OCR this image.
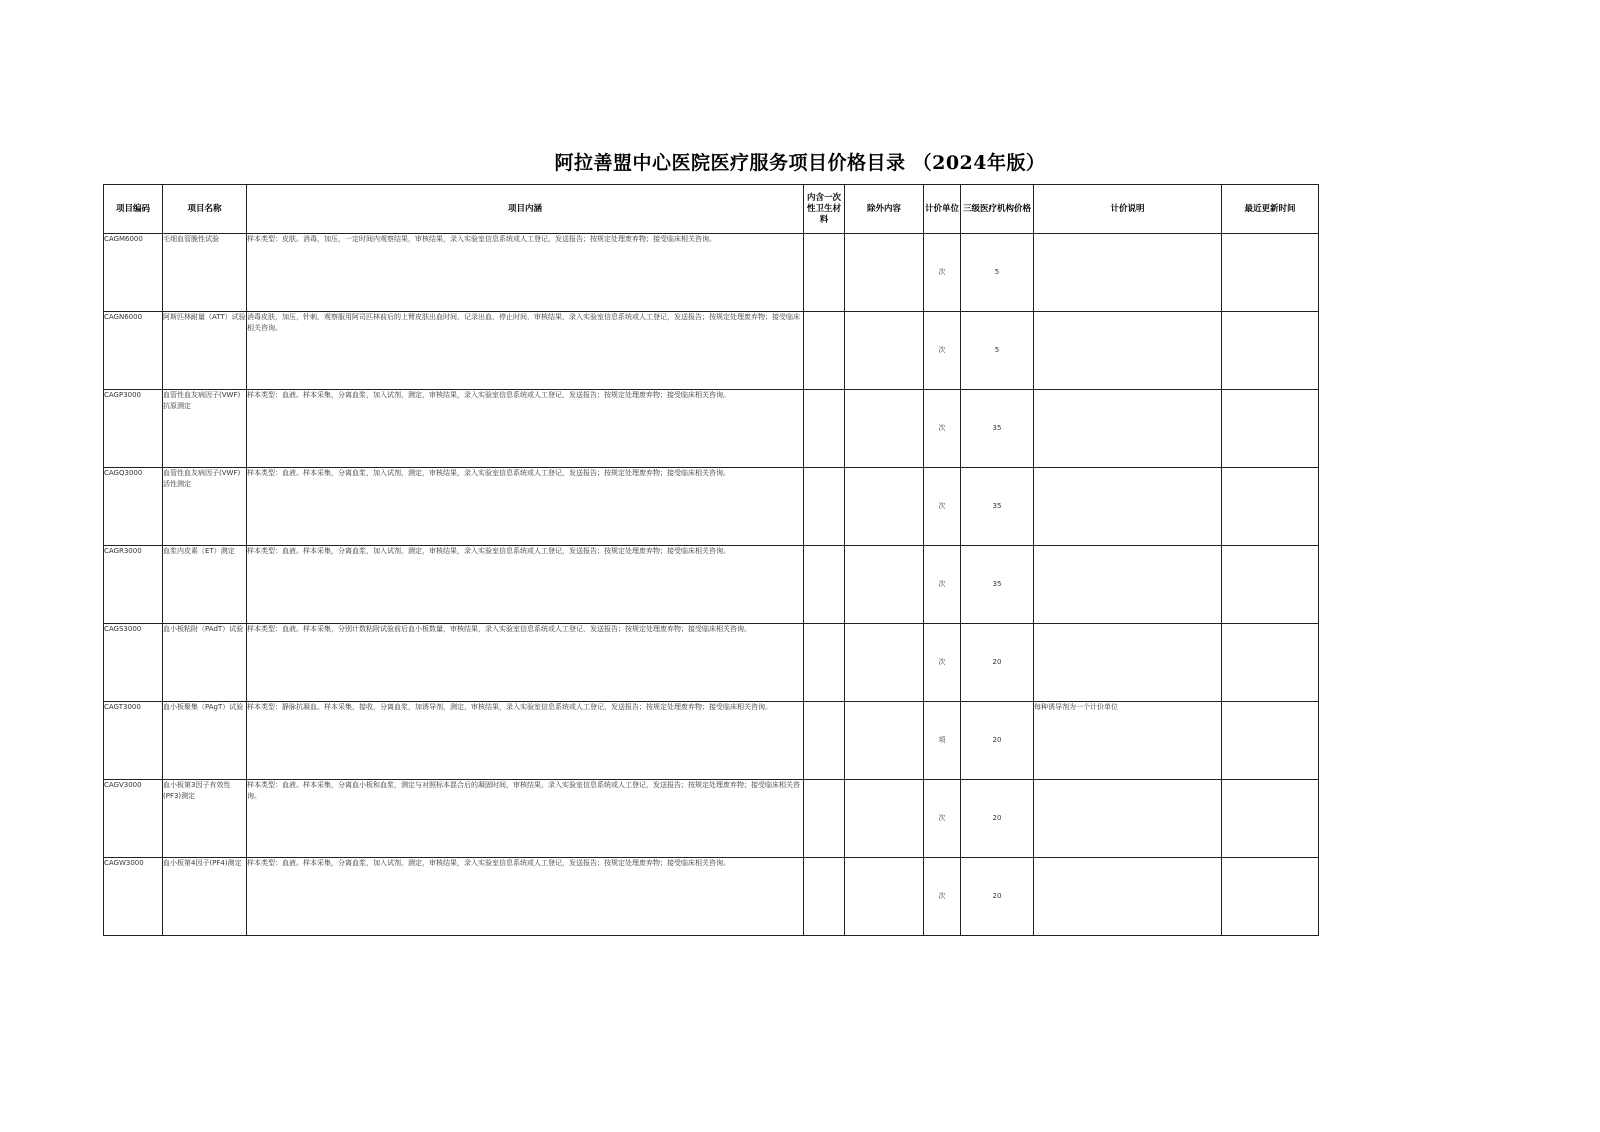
阿拉善盟中心医院医疗服务项目价格目录 （2024年版）
项目编码	项目名称	项目内涵	内含一次性卫生材料	除外内容	计价单位	三级医疗机构价格	计价说明	最近更新时间
CAGM6000	毛细血管脆性试验	样本类型：皮肤。消毒，加压，一定时间内观察结果，审核结果，录入实验室信息系统或人工登记，发送报告；按规定处理废弃物；接受临床相关咨询。			次	5		
CAGN6000	阿斯匹林耐量（ATT）试验	消毒皮肤，加压，针刺，观察服用阿司匹林前后的上臂皮肤出血时间，记录出血、停止时间，审核结果，录入实验室信息系统或人工登记，发送报告；按规定处理废弃物；接受临床相关咨询。			次	5		
CAGP3000	血管性血友病因子(VWF)抗原测定	样本类型：血液。样本采集，分离血浆，加入试剂，测定，审核结果，录入实验室信息系统或人工登记，发送报告；按规定处理废弃物；接受临床相关咨询。			次	35		
CAGQ3000	血管性血友病因子(VWF)活性测定	样本类型：血液。样本采集，分离血浆，加入试剂，测定，审核结果，录入实验室信息系统或人工登记，发送报告；按规定处理废弃物；接受临床相关咨询。			次	35		
CAGR3000	血浆内皮素（ET）测定	样本类型：血液。样本采集，分离血浆，加入试剂，测定，审核结果，录入实验室信息系统或人工登记，发送报告；按规定处理废弃物；接受临床相关咨询。			次	35		
CAGS3000	血小板粘附（PAdT）试验	样本类型：血液。样本采集，分别计数粘附试验前后血小板数量，审核结果，录入实验室信息系统或人工登记，发送报告；按规定处理废弃物；接受临床相关咨询。			次	20		
CAGT3000	血小板聚集（PAgT）试验	样本类型：静脉抗凝血。样本采集，接收，分离血浆，加诱导剂，测定，审核结果，录入实验室信息系统或人工登记，发送报告；按规定处理废弃物；接受临床相关咨询。			项	20	每种诱导剂为一个计价单位	
CAGV3000	血小板第3因子有效性(PF3)测定	样本类型：血液。样本采集，分离血小板和血浆，测定与对照标本混合后的凝固时间，审核结果，录入实验室信息系统或人工登记，发送报告；按规定处理废弃物；接受临床相关咨询。			次	20		
CAGW3000	血小板第4因子(PF4)测定	样本类型：血液。样本采集，分离血浆，加入试剂，测定，审核结果，录入实验室信息系统或人工登记，发送报告；按规定处理废弃物；接受临床相关咨询。			次	20		
